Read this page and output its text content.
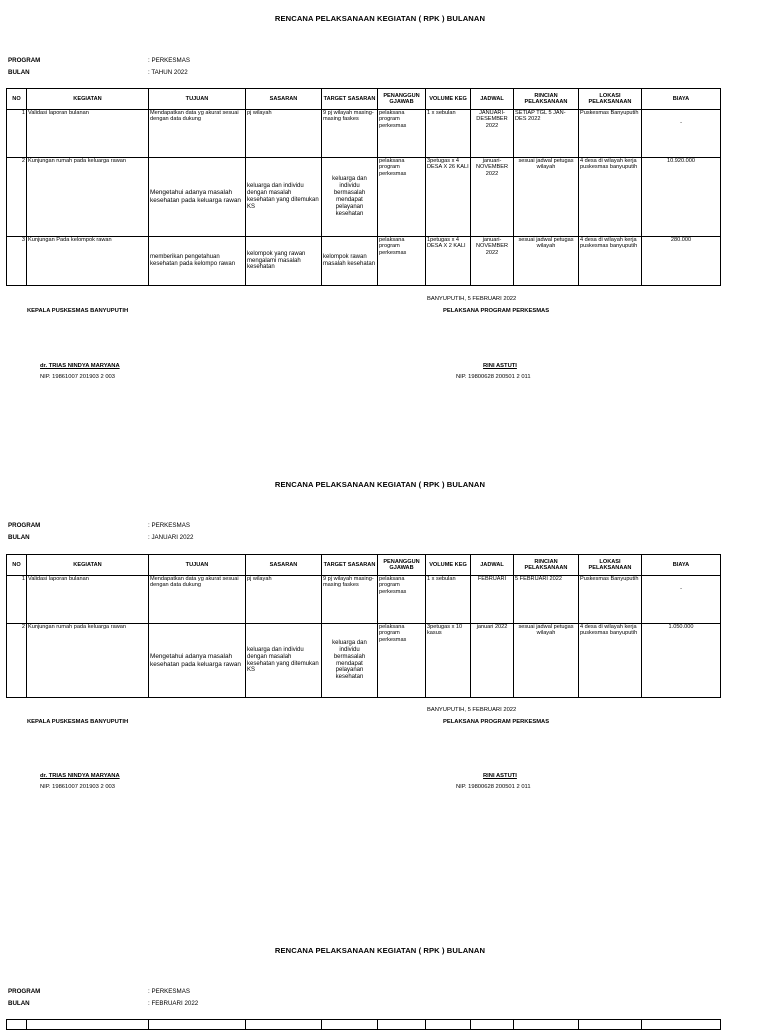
RENCANA PELAKSANAAN KEGIATAN ( RPK ) BULANAN
PROGRAM	: PERKESMAS
BULAN	: TAHUN 2022
NO	KEGIATAN	TUJUAN	SASARAN	TARGET SASARAN	PENANGGUN GJAWAB	VOLUME KEG	JADWAL	RINCIAN PELAKSANAAN	LOKASI PELAKSANAAN	BIAYA
1	Validasi laporan bulanan	Mendapatkan data yg akurat sesuai dengan data dukung	pj wilayah	9 pj wilayah masing-masing faskes	pelaksana program perkesmas	1 x sebulan	JANUARI-DESEMBER 2022	SETIAP TGL 5 JAN-DES 2022	Puskesmas Banyuputih	-

2	Kunjungan rumah pada keluarga rawan	Mengetahui adanya masalah kesehatan pada keluarga rawan	keluarga dan individu dengan masalah kesehatan yang ditemukan KS	keluarga dan individu bermasalah mendapat pelayanan kesehatan	pelaksana program perkesmas	3petugas x 4 DESA X 26 KALI	januari-NOVEMBER 2022	sesuai jadwal petugas wilayah	4 desa di wilayah kerja puskesmas banyuputih	10.920.000
3	Kunjungan Pada kelompok rawan	memberikan pengetahuan kesehatan pada kelompo rawan	kelompok yang rawan mengalami masalah kesehatan	kelompok rawan masalah kesehatan	pelaksana program perkesmas	1petugas x 4 DESA X 2 KALI	januari-NOVEMBER 2022	sesuai jadwal petugas wilayah	4 desa di wilayah kerja puskesmas banyuputih	280.000
BANYUPUTIH, 5 FEBRUARI 2022
KEPALA PUSKESMAS BANYUPUTIH	PELAKSANA PROGRAM PERKESMAS
dr. TRIAS NINDYA MARYANA
NIP. 19861007 201903 2 003
RINI ASTUTI
NIP. 19800628 200501 2 011
RENCANA PELAKSANAAN KEGIATAN ( RPK ) BULANAN
PROGRAM	: PERKESMAS
BULAN	: JANUARI 2022
NO	KEGIATAN	TUJUAN	SASARAN	TARGET SASARAN	PENANGGUN GJAWAB	VOLUME KEG	JADWAL	RINCIAN PELAKSANAAN	LOKASI PELAKSANAAN	BIAYA
1	Validasi laporan bulanan	Mendapatkan data yg akurat sesuai dengan data dukung	pj wilayah	9 pj wilayah masing-masing faskes	pelaksana program perkesmas	1 x sebulan	FEBRUARI	5 FEBRUARI 2022	Puskesmas Banyuputih	-

2	Kunjungan rumah pada keluarga rawan	Mengetahui adanya masalah kesehatan pada keluarga rawan	keluarga dan individu dengan masalah kesehatan yang ditemukan KS	keluarga dan individu bermasalah mendapat pelayanan kesehatan	pelaksana program perkesmas	3petugas x 10 kasus	januari 2022	sesuai jadwal petugas wilayah	4 desa di wilayah kerja puskesmas banyuputih	1.050.000
BANYUPUTIH, 5 FEBRUARI 2022
KEPALA PUSKESMAS BANYUPUTIH	PELAKSANA PROGRAM PERKESMAS
dr. TRIAS NINDYA MARYANA
NIP. 19861007 201903 2 003
RINI ASTUTI
NIP. 19800628 200501 2 011
RENCANA PELAKSANAAN KEGIATAN ( RPK ) BULANAN
PROGRAM	: PERKESMAS
BULAN	: FEBRUARI 2022
